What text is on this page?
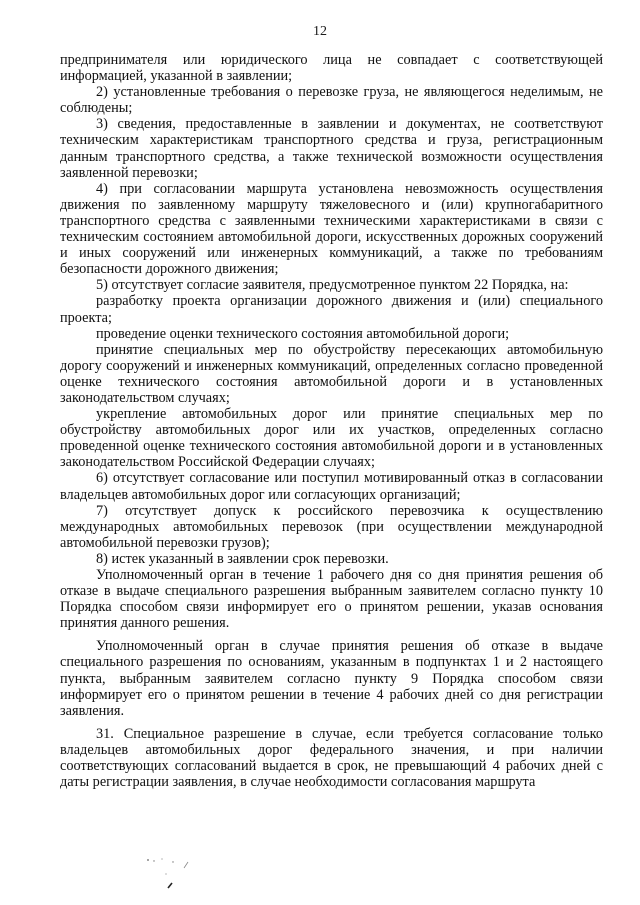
12

предпринимателя или юридического лица не совпадает с соответствующей информацией, указанной в заявлении;

2) установленные требования о перевозке груза, не являющегося неделимым, не соблюдены;

3) сведения, предоставленные в заявлении и документах, не соответствуют техническим характеристикам транспортного средства и груза, регистрационным данным транспортного средства, а также технической возможности осуществления заявленной перевозки;

4) при согласовании маршрута установлена невозможность осуществления движения по заявленному маршруту тяжеловесного и (или) крупногабаритного транспортного средства с заявленными техническими характеристиками в связи с техническим состоянием автомобильной дороги, искусственных дорожных сооружений и иных сооружений или инженерных коммуникаций, а также по требованиям безопасности дорожного движения;

5) отсутствует согласие заявителя, предусмотренное пунктом 22 Порядка, на:

разработку проекта организации дорожного движения и (или) специального проекта;

проведение оценки технического состояния автомобильной дороги;

принятие специальных мер по обустройству пересекающих автомобильную дорогу сооружений и инженерных коммуникаций, определенных согласно проведенной оценке технического состояния автомобильной дороги и в установленных законодательством случаях;

укрепление автомобильных дорог или принятие специальных мер по обустройству автомобильных дорог или их участков, определенных согласно проведенной оценке технического состояния автомобильной дороги и в установленных законодательством Российской Федерации случаях;

6) отсутствует согласование или поступил мотивированный отказ в согласовании владельцев автомобильных дорог или согласующих организаций;

7) отсутствует допуск к российского перевозчика к осуществлению международных автомобильных перевозок (при осуществлении международной автомобильной перевозки грузов);

8) истек указанный в заявлении срок перевозки.

Уполномоченный орган в течение 1 рабочего дня со дня принятия решения об отказе в выдаче специального разрешения выбранным заявителем согласно пункту 10 Порядка способом связи информирует его о принятом решении, указав основания принятия данного решения.

Уполномоченный орган в случае принятия решения об отказе в выдаче специального разрешения по основаниям, указанным в подпунктах 1 и 2 настоящего пункта, выбранным заявителем согласно пункту 9 Порядка способом связи информирует его о принятом решении в течение 4 рабочих дней со дня регистрации заявления.

31. Специальное разрешение в случае, если требуется согласование только владельцев автомобильных дорог федерального значения, и при наличии соответствующих согласований выдается в срок, не превышающий 4 рабочих дней с даты регистрации заявления, в случае необходимости согласования маршрута
